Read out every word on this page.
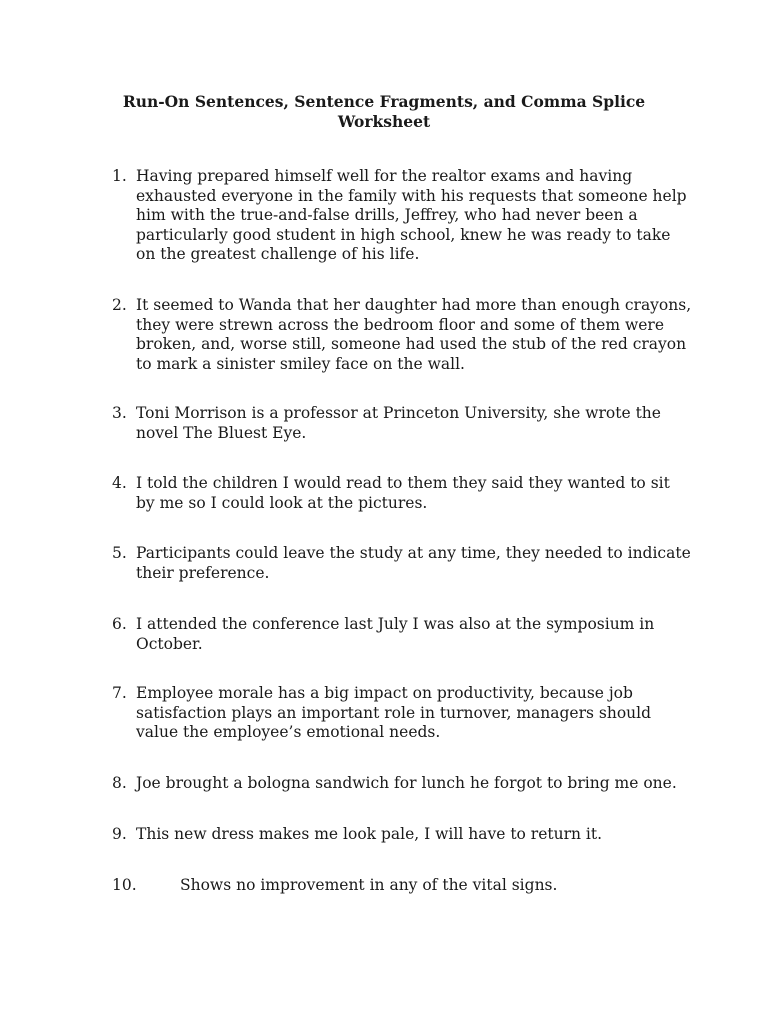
Run-On Sentences, Sentence Fragments, and Comma Splice Worksheet
1. Having prepared himself well for the realtor exams and having exhausted everyone in the family with his requests that someone help him with the true-and-false drills, Jeffrey, who had never been a particularly good student in high school, knew he was ready to take on the greatest challenge of his life.
2. It seemed to Wanda that her daughter had more than enough crayons, they were strewn across the bedroom floor and some of them were broken, and, worse still, someone had used the stub of the red crayon to mark a sinister smiley face on the wall.
3. Toni Morrison is a professor at Princeton University, she wrote the novel The Bluest Eye.
4. I told the children I would read to them they said they wanted to sit by me so I could look at the pictures.
5. Participants could leave the study at any time, they needed to indicate their preference.
6. I attended the conference last July I was also at the symposium in October.
7. Employee morale has a big impact on productivity, because job satisfaction plays an important role in turnover, managers should value the employee’s emotional needs.
8. Joe brought a bologna sandwich for lunch he forgot to bring me one.
9. This new dress makes me look pale, I will have to return it.
10.	Shows no improvement in any of the vital signs.
